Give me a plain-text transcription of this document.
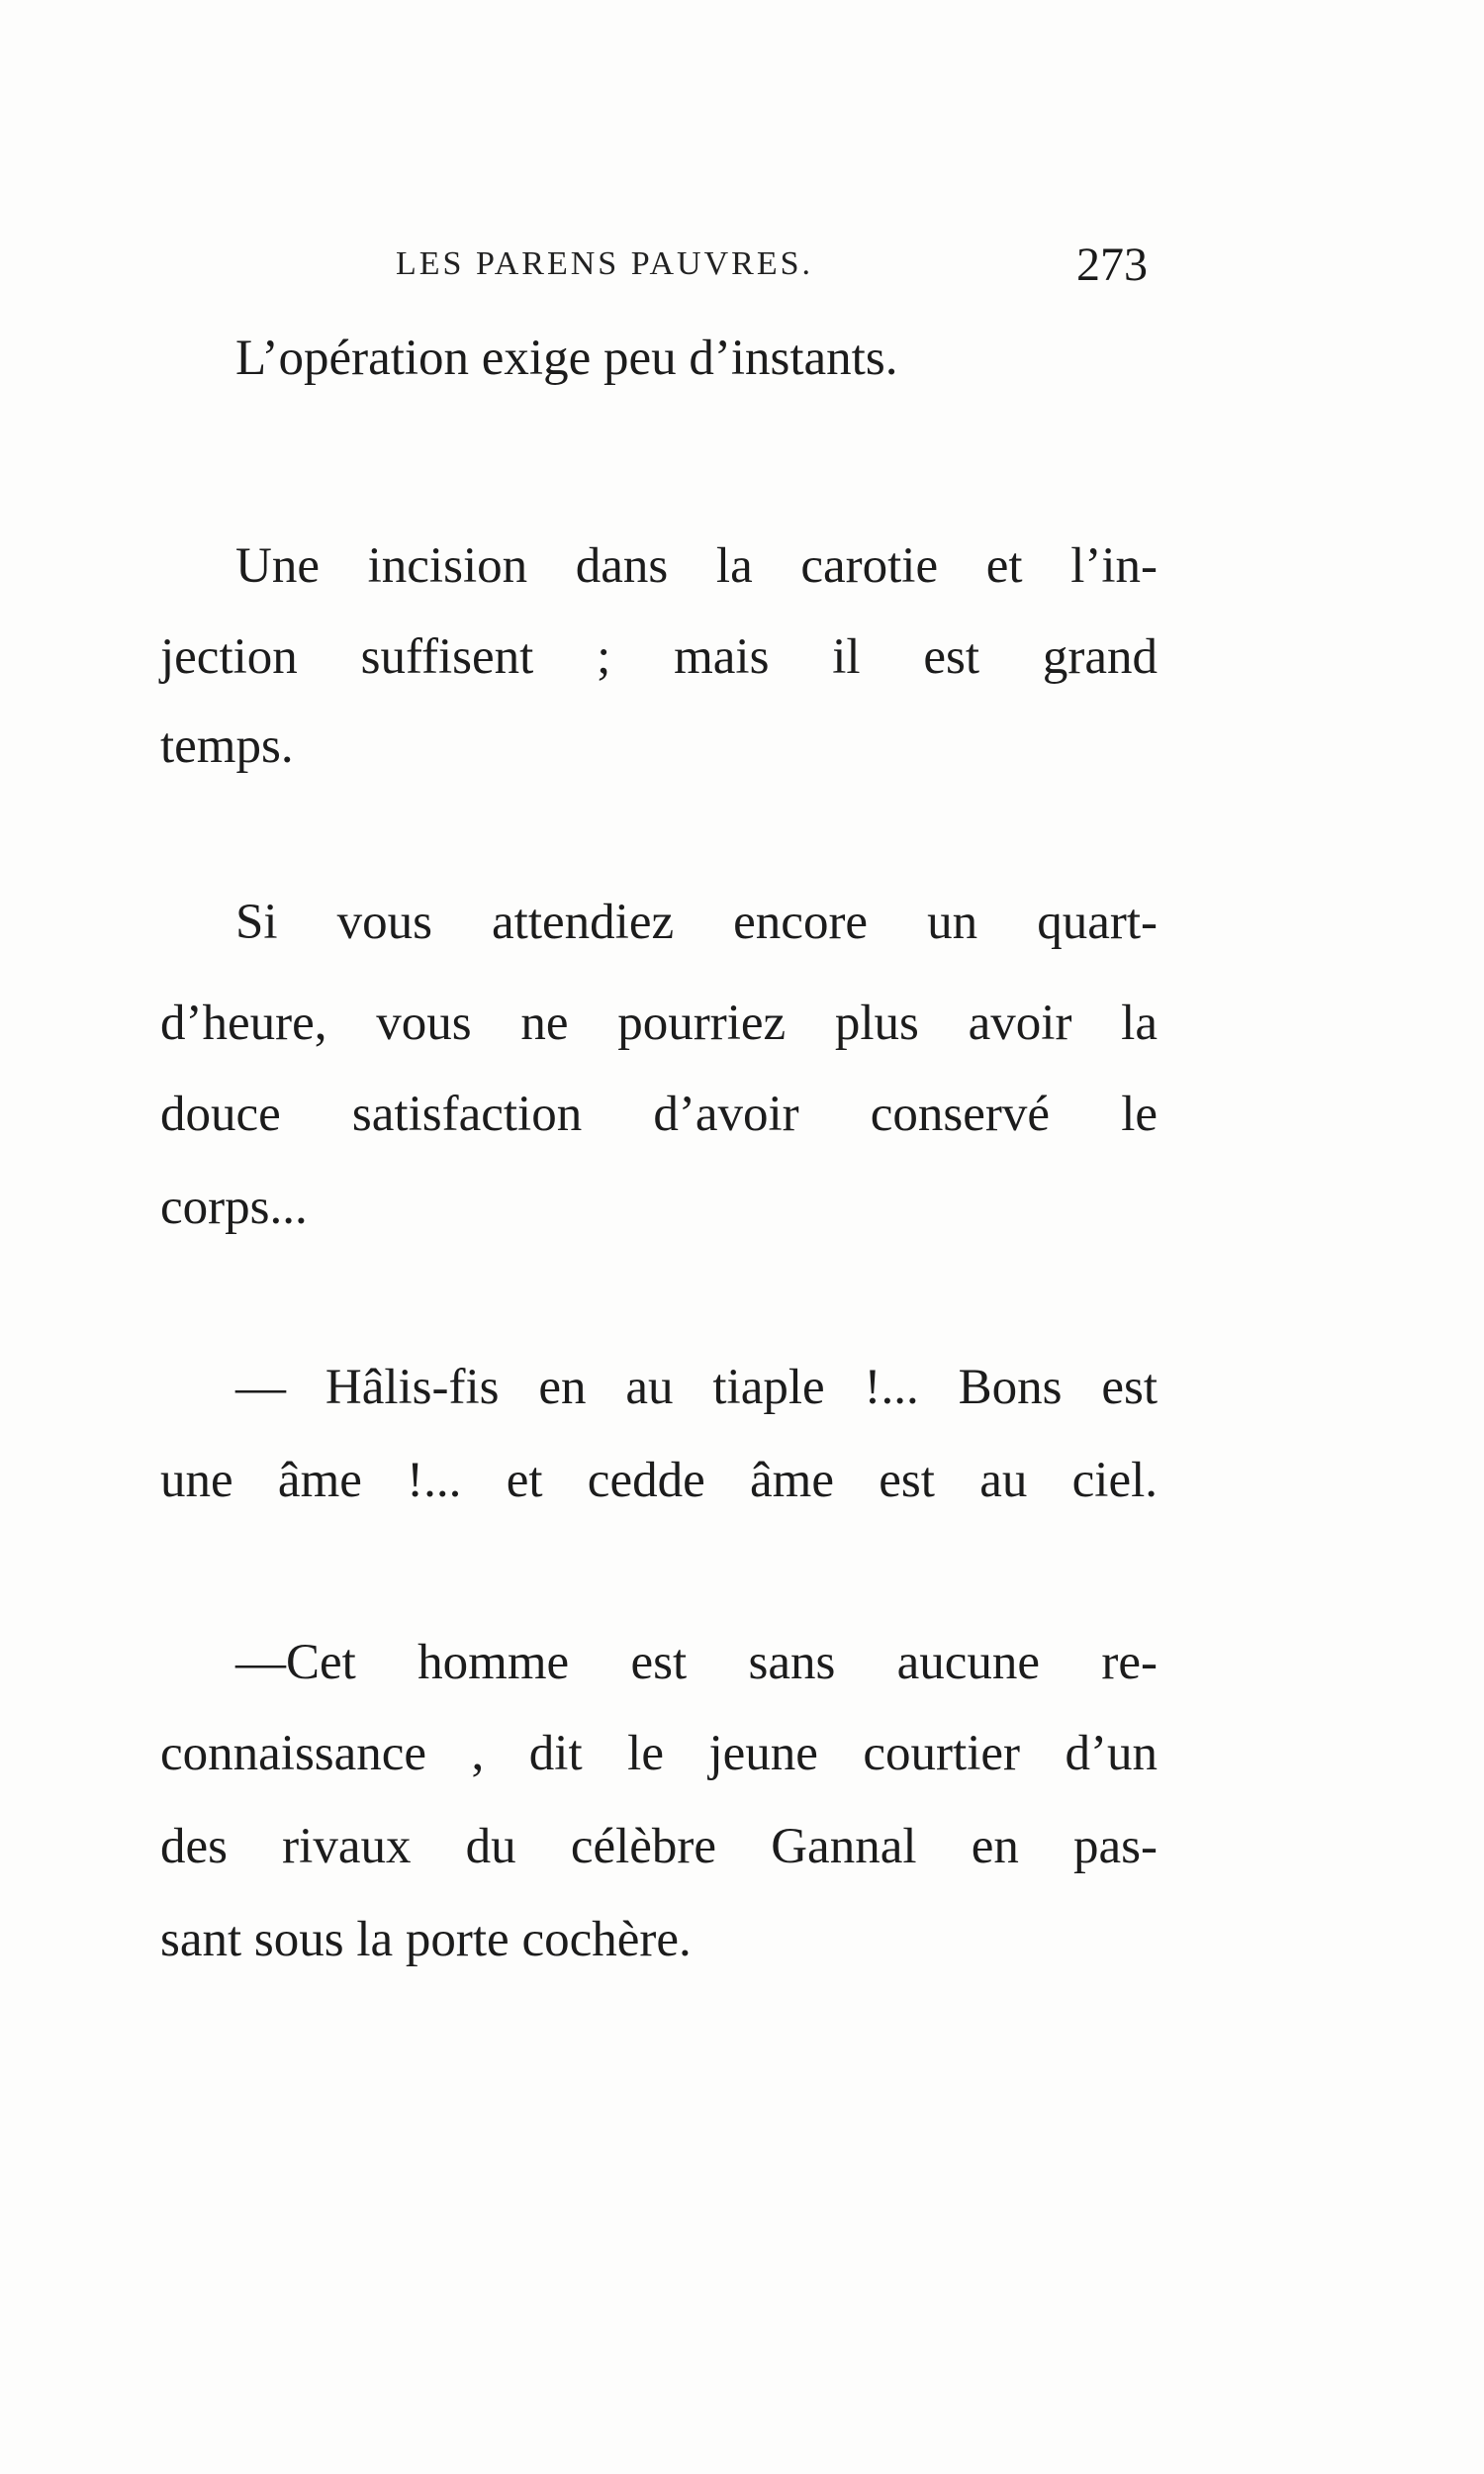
LES PARENS PAUVRES.	273
L’opération exige peu d’instants.
Une incision dans la carotie et l’in-
jection suffisent ; mais il est grand
temps.
Si vous attendiez encore un quart-
d’heure, vous ne pourriez plus avoir la
douce satisfaction d’avoir conservé le
corps...
— Hâlis-fis en au tiaple !... Bons est
une âme !... et cedde âme est au ciel.
—Cet homme est sans aucune re-
connaissance , dit le jeune courtier d’un
des rivaux du célèbre Gannal en pas-
sant sous la porte cochère.
